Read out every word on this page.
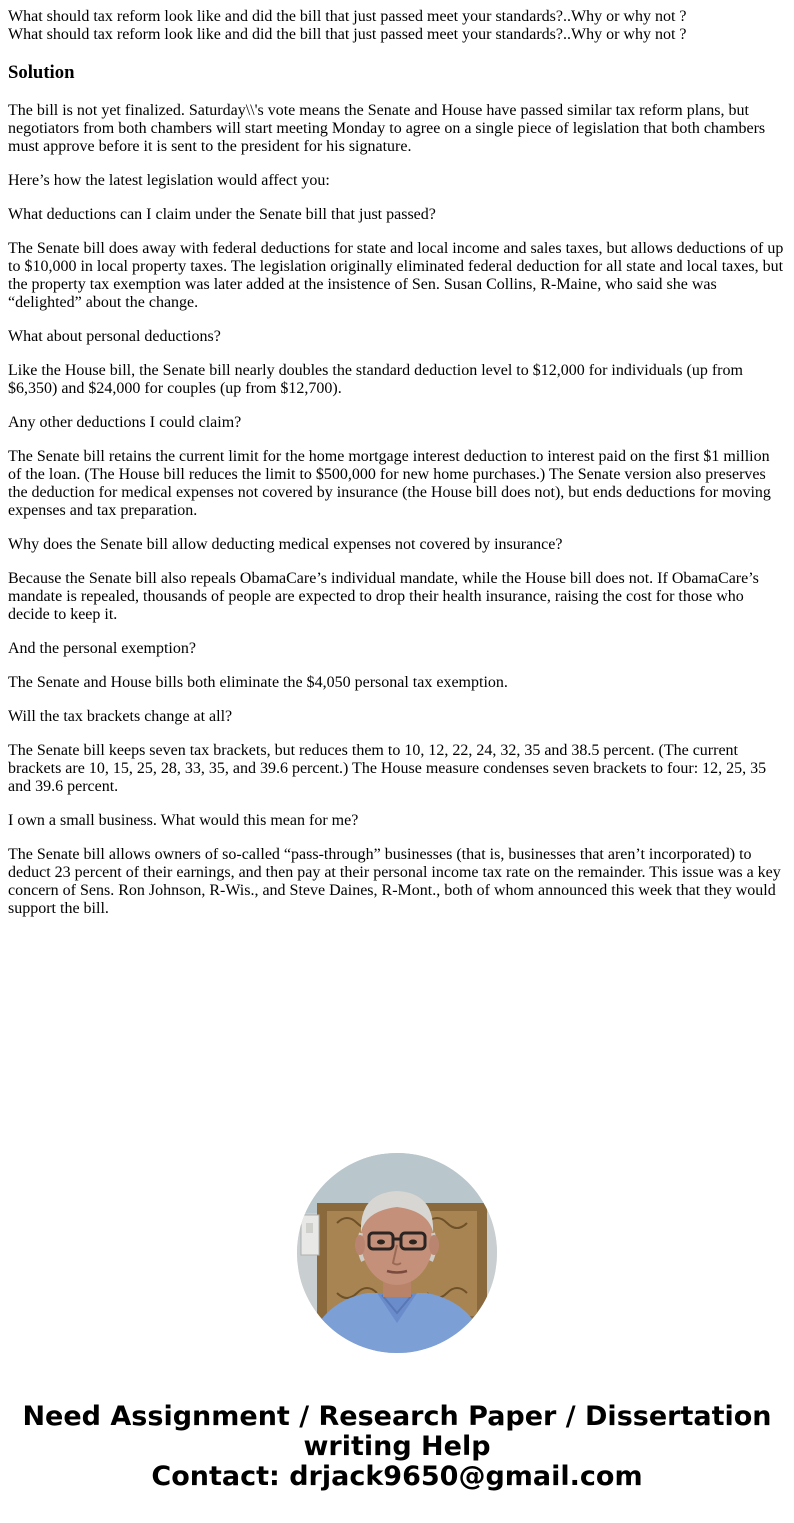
What should tax reform look like and did the bill that just passed meet your standards?..Why or why not ?

What should tax reform look like and did the bill that just passed meet your standards?..Why or why not ?

Solution

The bill is not yet finalized. Saturday\\'s vote means the Senate and House have passed similar tax reform plans, but negotiators from both chambers will start meeting Monday to agree on a single piece of legislation that both chambers must approve before it is sent to the president for his signature.

Here’s how the latest legislation would affect you:

What deductions can I claim under the Senate bill that just passed?

The Senate bill does away with federal deductions for state and local income and sales taxes, but allows deductions of up to $10,000 in local property taxes. The legislation originally eliminated federal deduction for all state and local taxes, but the property tax exemption was later added at the insistence of Sen. Susan Collins, R-Maine, who said she was “delighted” about the change.

What about personal deductions?

Like the House bill, the Senate bill nearly doubles the standard deduction level to $12,000 for individuals (up from $6,350) and $24,000 for couples (up from $12,700).

Any other deductions I could claim?

The Senate bill retains the current limit for the home mortgage interest deduction to interest paid on the first $1 million of the loan. (The House bill reduces the limit to $500,000 for new home purchases.) The Senate version also preserves the deduction for medical expenses not covered by insurance (the House bill does not), but ends deductions for moving expenses and tax preparation.

Why does the Senate bill allow deducting medical expenses not covered by insurance?

Because the Senate bill also repeals ObamaCare’s individual mandate, while the House bill does not. If ObamaCare’s mandate is repealed, thousands of people are expected to drop their health insurance, raising the cost for those who decide to keep it.

And the personal exemption?

The Senate and House bills both eliminate the $4,050 personal tax exemption.

Will the tax brackets change at all?

The Senate bill keeps seven tax brackets, but reduces them to 10, 12, 22, 24, 32, 35 and 38.5 percent. (The current brackets are 10, 15, 25, 28, 33, 35, and 39.6 percent.) The House measure condenses seven brackets to four: 12, 25, 35 and 39.6 percent.

I own a small business. What would this mean for me?

The Senate bill allows owners of so-called “pass-through” businesses (that is, businesses that aren’t incorporated) to deduct 23 percent of their earnings, and then pay at their personal income tax rate on the remainder. This issue was a key concern of Sens. Ron Johnson, R-Wis., and Steve Daines, R-Mont., both of whom announced this week that they would support the bill.

Need Assignment / Research Paper / Dissertation
writing Help
Contact: drjack9650@gmail.com
